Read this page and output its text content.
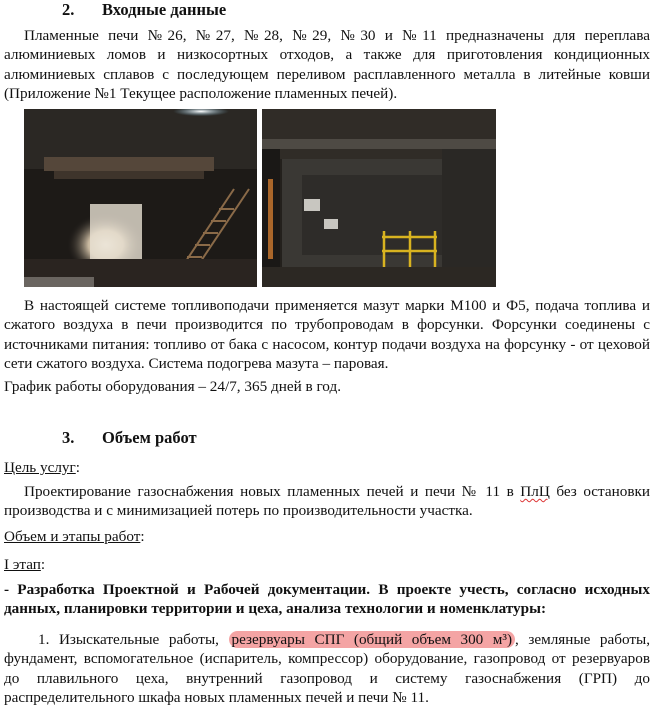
2. Входные данные
Пламенные печи №26, №27, №28, №29, №30 и №11 предназначены для переплава алюминиевых ломов и низкосортных отходов, а также для приготовления кондиционных алюминиевых сплавов с последующем переливом расплавленного металла в литейные ковши (Приложение №1 Текущее расположение пламенных печей).
В настоящей системе топливоподачи применяется мазут марки М100 и Ф5, подача топлива и сжатого воздуха в печи производится по трубопроводам в форсунки. Форсунки соединены с источниками питания: топливо от бака с насосом, контур подачи воздуха на форсунку - от цеховой сети сжатого воздуха. Система подогрева мазута – паровая.
График работы оборудования – 24/7, 365 дней в год.
3. Объем работ
Цель услуг:
Проектирование газоснабжения новых пламенных печей и печи № 11 в ПлЦ без остановки производства и с минимизацией потерь по производительности участка.
Объем и этапы работ:
I этап:
- Разработка Проектной и Рабочей документации. В проекте учесть, согласно исходных данных, планировки территории и цеха, анализа технологии и номенклатуры:
1. Изыскательные работы, резервуары СПГ (общий объем 300 м³) , земляные работы, фундамент, вспомогательное (испаритель, компрессор) оборудование, газопровод от резервуаров до плавильного цеха, внутренний газопровод и систему газоснабжения (ГРП) до распределительного шкафа новых пламенных печей и печи № 11.
